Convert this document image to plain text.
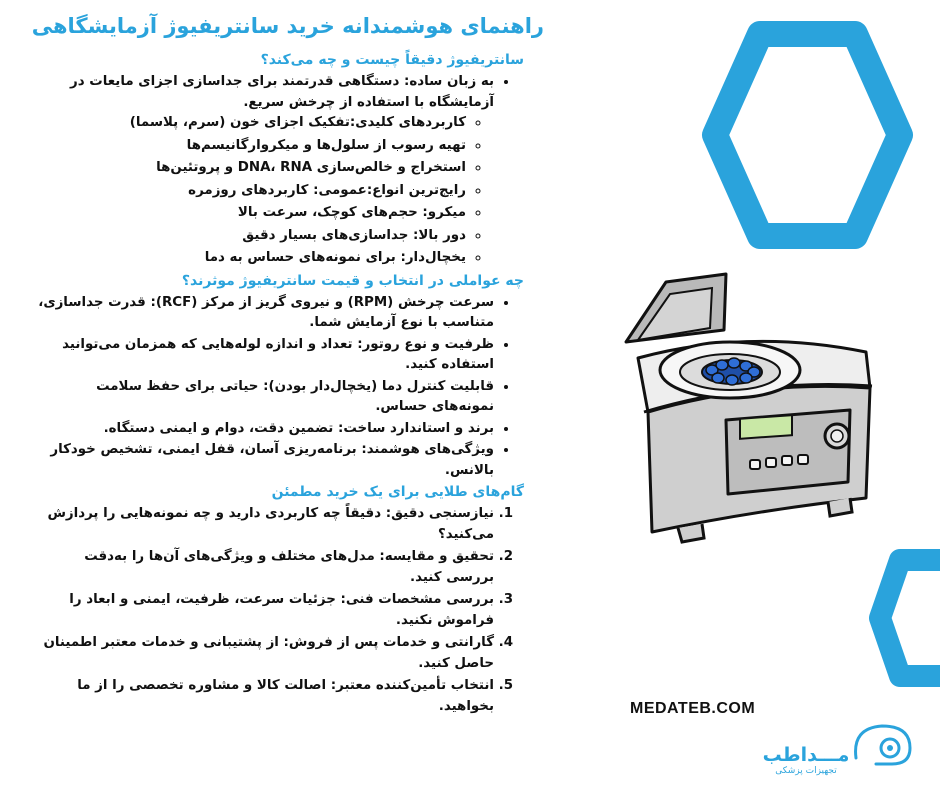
راهنمای هوشمندانه خرید سانتریفیوژ آزمایشگاهی
سانتریفیوژ دقیقاً چیست و چه می‌کند؟
• به زبان ساده: دستگاهی قدرتمند برای جداسازی اجزای مایعات در آزمایشگاه با استفاده از چرخش سریع.
◦ کاربردهای کلیدی:تفکیک اجزای خون (سرم، پلاسما)
◦ تهیه رسوب از سلول‌ها و میکروارگانیسم‌ها
◦ استخراج و خالص‌سازی DNA، RNA و پروتئین‌ها
◦ رایج‌ترین انواع:عمومی: کاربردهای روزمره
◦ میکرو: حجم‌های کوچک، سرعت بالا
◦ دور بالا: جداسازی‌های بسیار دقیق
◦ یخچال‌دار: برای نمونه‌های حساس به دما
چه عواملی در انتخاب و قیمت سانتریفیوژ موثرند؟
• سرعت چرخش (RPM) و نیروی گریز از مرکز (RCF): قدرت جداسازی، متناسب با نوع آزمایش شما.
• ظرفیت و نوع روتور: تعداد و اندازه لوله‌هایی که همزمان می‌توانید استفاده کنید.
• قابلیت کنترل دما (یخچال‌دار بودن): حیاتی برای حفظ سلامت نمونه‌های حساس.
• برند و استاندارد ساخت: تضمین دقت، دوام و ایمنی دستگاه.
• ویژگی‌های هوشمند: برنامه‌ریزی آسان، قفل ایمنی، تشخیص خودکار بالانس.
گام‌های طلایی برای یک خرید مطمئن
1. نیازسنجی دقیق: دقیقاً چه کاربردی دارید و چه نمونه‌هایی را پردازش می‌کنید؟
2. تحقیق و مقایسه: مدل‌های مختلف و ویژگی‌های آن‌ها را به‌دقت بررسی کنید.
3. بررسی مشخصات فنی: جزئیات سرعت، ظرفیت، ایمنی و ابعاد را فراموش نکنید.
4. گارانتی و خدمات پس از فروش: از پشتیبانی و خدمات معتبر اطمینان حاصل کنید.
5. انتخاب تأمین‌کننده معتبر: اصالت کالا و مشاوره تخصصی را از ما بخواهید.	MEDATEB.COM
مـــداطب
تجهیزات پزشکی
